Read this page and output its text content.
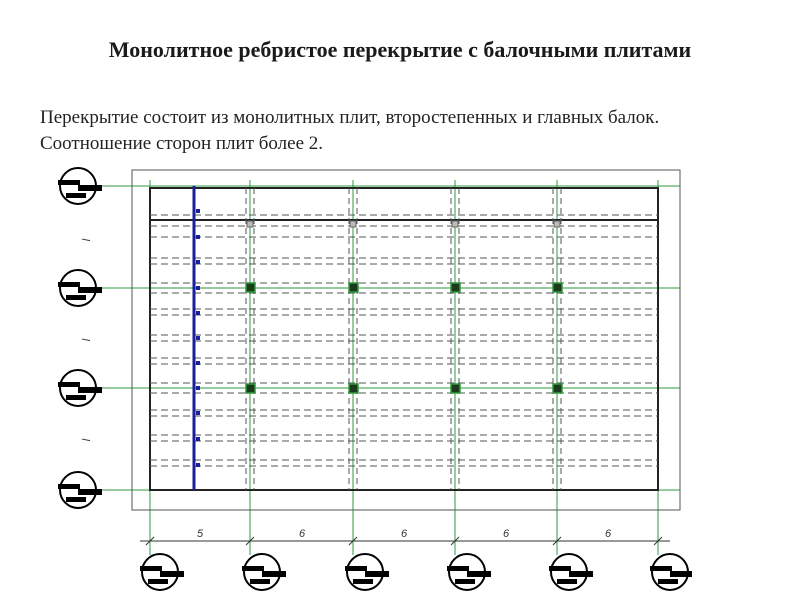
Монолитное ребристое перекрытие с балочными плитами

Перекрытие состоит из монолитных плит, второстепенных и главных балок. Соотношение сторон плит более 2.

5	6	6	6	6
l
l
l
